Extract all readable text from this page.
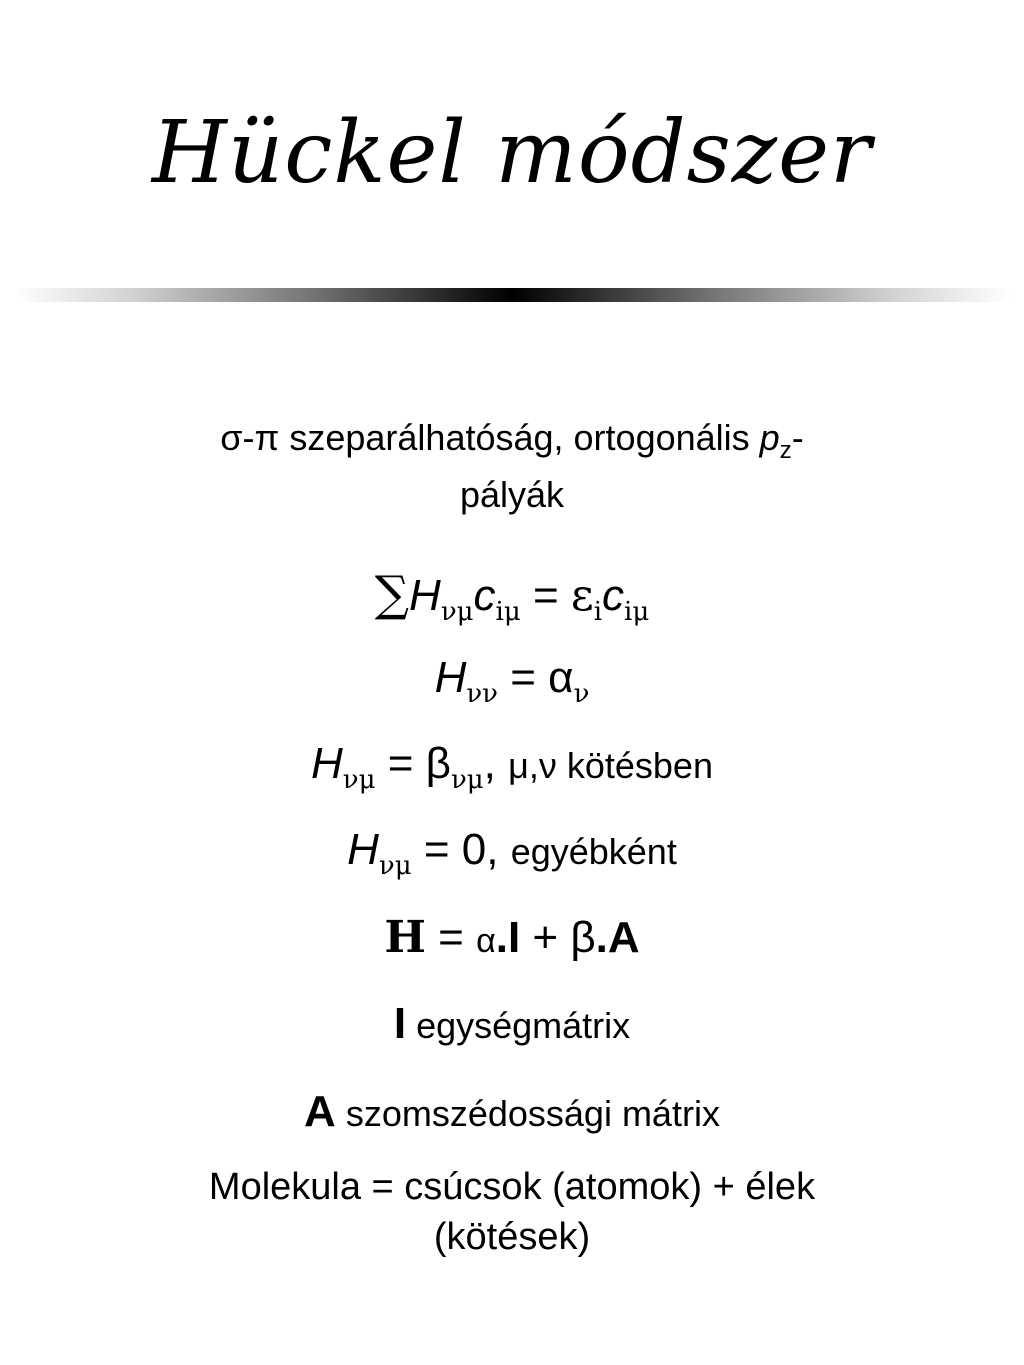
Hückel módszer
σ-π szeparálhatóság, ortogonális $p_z-$
pályák
$\sum H_{\nu\mu}c_{i\mu} = \varepsilon_ic_{i\mu}$
$H_{\nu\nu} = \alpha_\nu$
$H_{\nu\mu} = \beta_{\nu\mu}$, μ,ν kötésben
$H_{\nu\mu} = 0$, egyébként
H = α.I + β.A
I egységmátrix
A szomszédossági mátrix
Molekula = csúcsok (atomok) + élek
(kötések)
